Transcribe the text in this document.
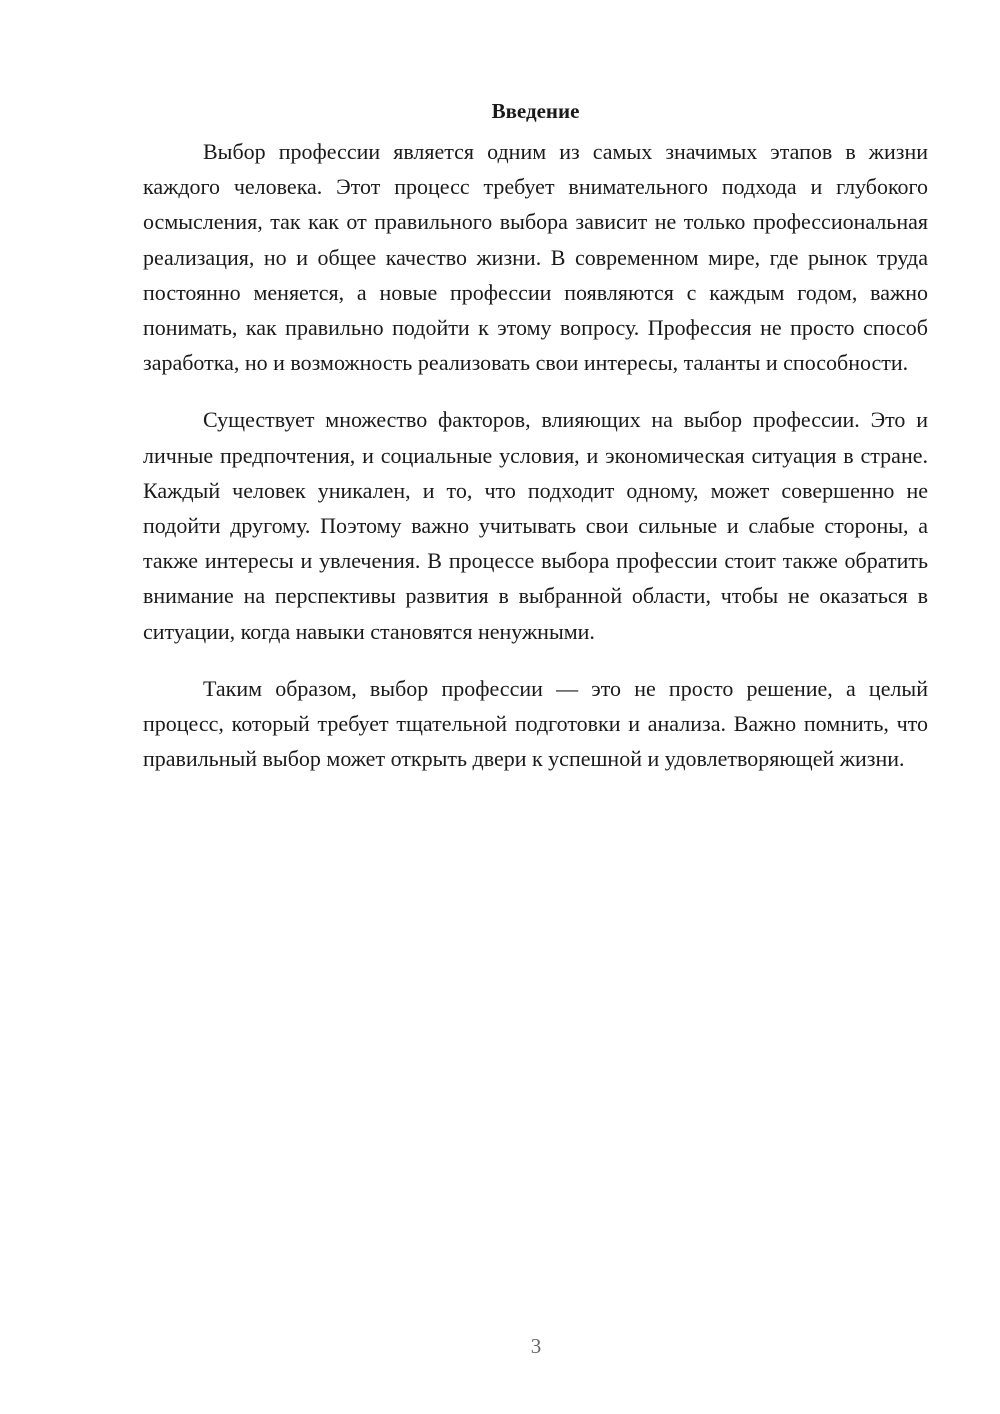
Введение

Выбор профессии является одним из самых значимых этапов в жизни каждого человека. Этот процесс требует внимательного подхода и глубокого осмысления, так как от правильного выбора зависит не только профессиональная реализация, но и общее качество жизни. В современном мире, где рынок труда постоянно меняется, а новые профессии появляются с каждым годом, важно понимать, как правильно подойти к этому вопросу. Профессия не просто способ заработка, но и возможность реализовать свои интересы, таланты и способности.

Существует множество факторов, влияющих на выбор профессии. Это и личные предпочтения, и социальные условия, и экономическая ситуация в стране. Каждый человек уникален, и то, что подходит одному, может совершенно не подойти другому. Поэтому важно учитывать свои сильные и слабые стороны, а также интересы и увлечения. В процессе выбора профессии стоит также обратить внимание на перспективы развития в выбранной области, чтобы не оказаться в ситуации, когда навыки становятся ненужными.

Таким образом, выбор профессии — это не просто решение, а целый процесс, который требует тщательной подготовки и анализа. Важно помнить, что правильный выбор может открыть двери к успешной и удовлетворяющей жизни.

3
